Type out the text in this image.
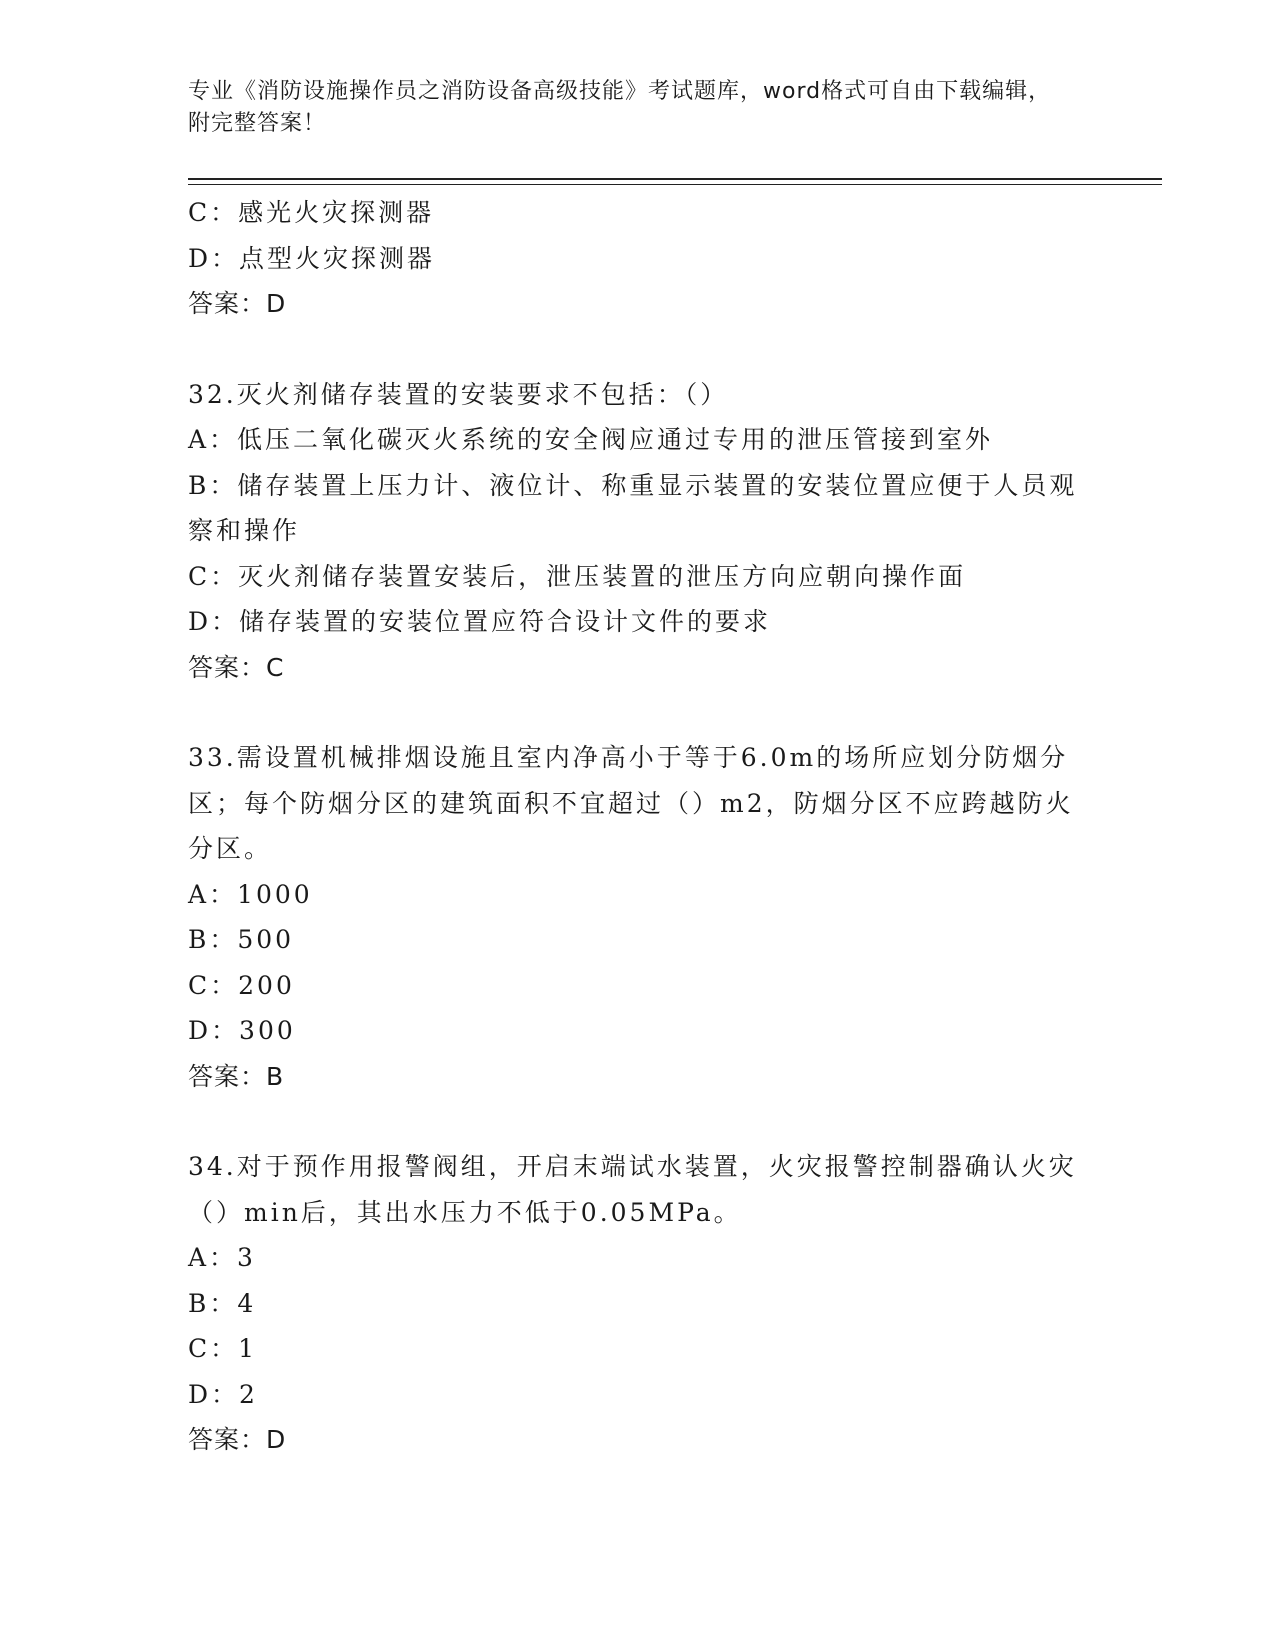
专业《消防设施操作员之消防设备高级技能》考试题库，word格式可自由下载编辑，附完整答案！
C：感光火灾探测器
D：点型火灾探测器
答案：D
32.灭火剂储存装置的安装要求不包括：（）
A：低压二氧化碳灭火系统的安全阀应通过专用的泄压管接到室外
B：储存装置上压力计、液位计、称重显示装置的安装位置应便于人员观察和操作
C：灭火剂储存装置安装后，泄压装置的泄压方向应朝向操作面
D：储存装置的安装位置应符合设计文件的要求
答案：C
33.需设置机械排烟设施且室内净高小于等于6.0m的场所应划分防烟分区；每个防烟分区的建筑面积不宜超过（）m2，防烟分区不应跨越防火分区。
A：1000
B：500
C：200
D：300
答案：B
34.对于预作用报警阀组，开启末端试水装置，火灾报警控制器确认火灾（）min后，其出水压力不低于0.05MPa。
A：3
B：4
C：1
D：2
答案：D
